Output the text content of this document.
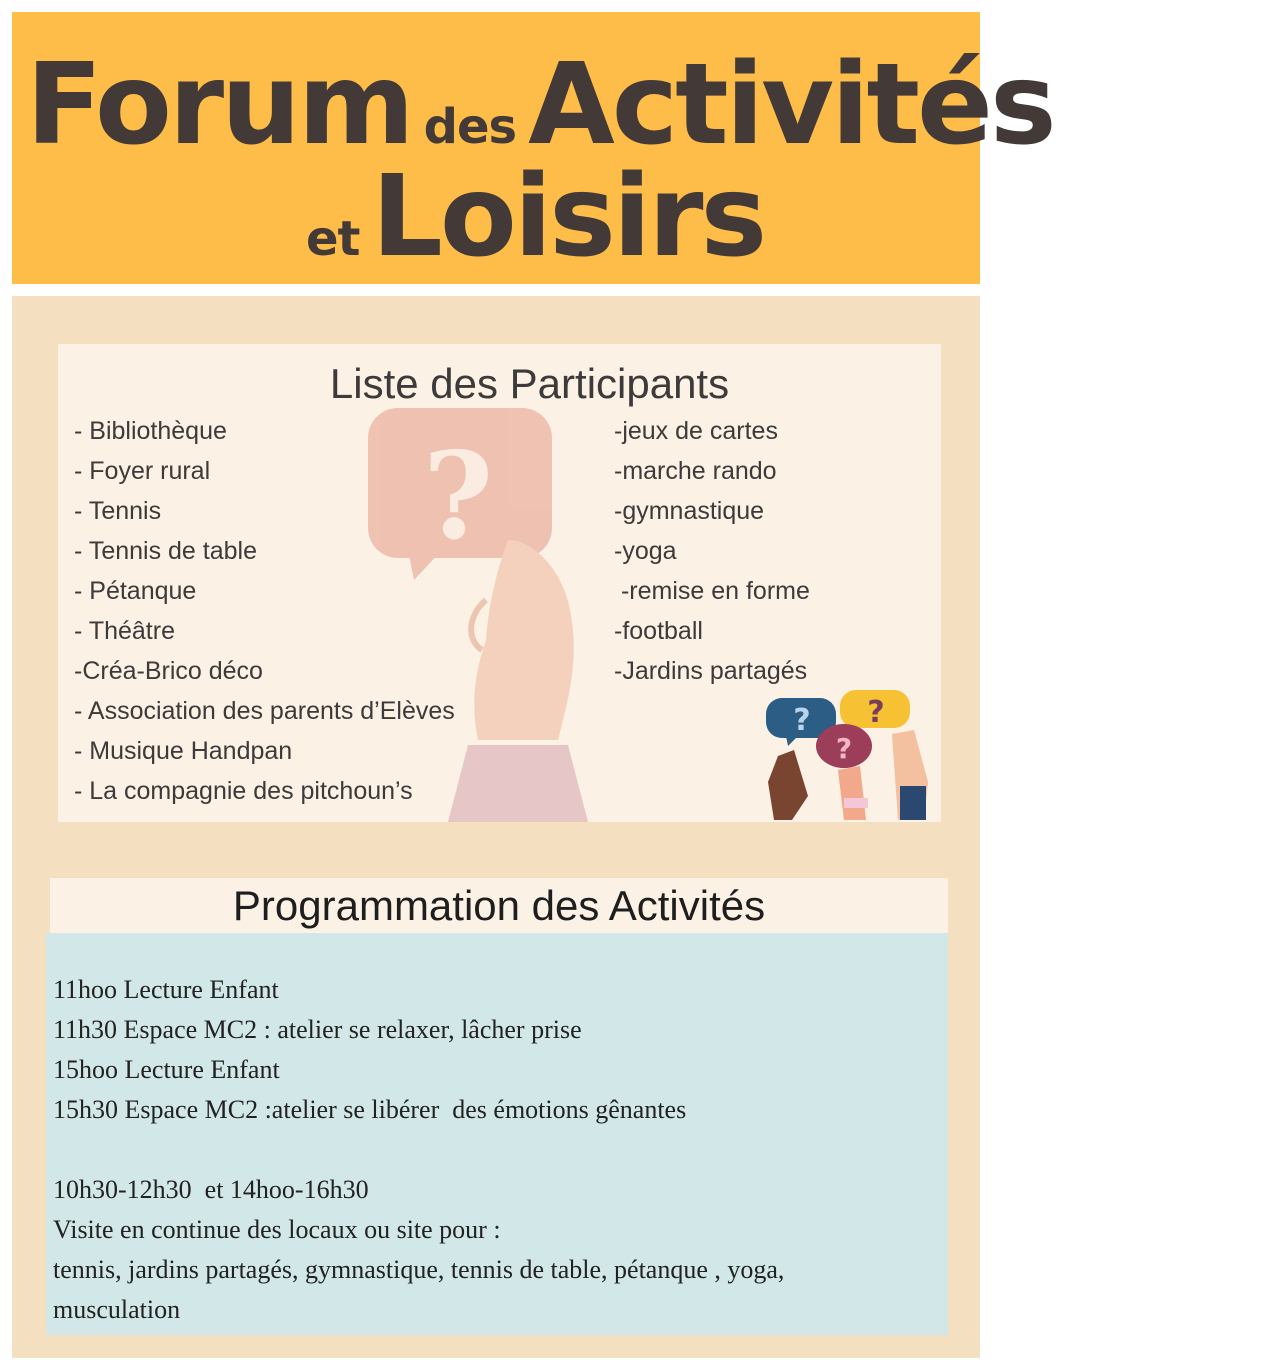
Forum des Activités
et Loisirs
?
Liste des Participants
- Bibliothèque
- Foyer rural
- Tennis
- Tennis de table
- Pétanque
- Théâtre
-Créa-Brico déco
- Association des parents d’Elèves
- Musique Handpan
- La compagnie des pitchoun’s
-jeux de cartes
-marche rando
-gymnastique
-yoga
-remise en forme
-football
-Jardins partagés
? ?
?
Programmation des Activités
11hoo Lecture Enfant
11h30 Espace MC2 : atelier se relaxer, lâcher prise
15hoo Lecture Enfant
15h30 Espace MC2 :atelier se libérer  des émotions gênantes
10h30-12h30  et 14hoo-16h30
Visite en continue des locaux ou site pour :
tennis, jardins partagés, gymnastique, tennis de table, pétanque , yoga,
musculation
